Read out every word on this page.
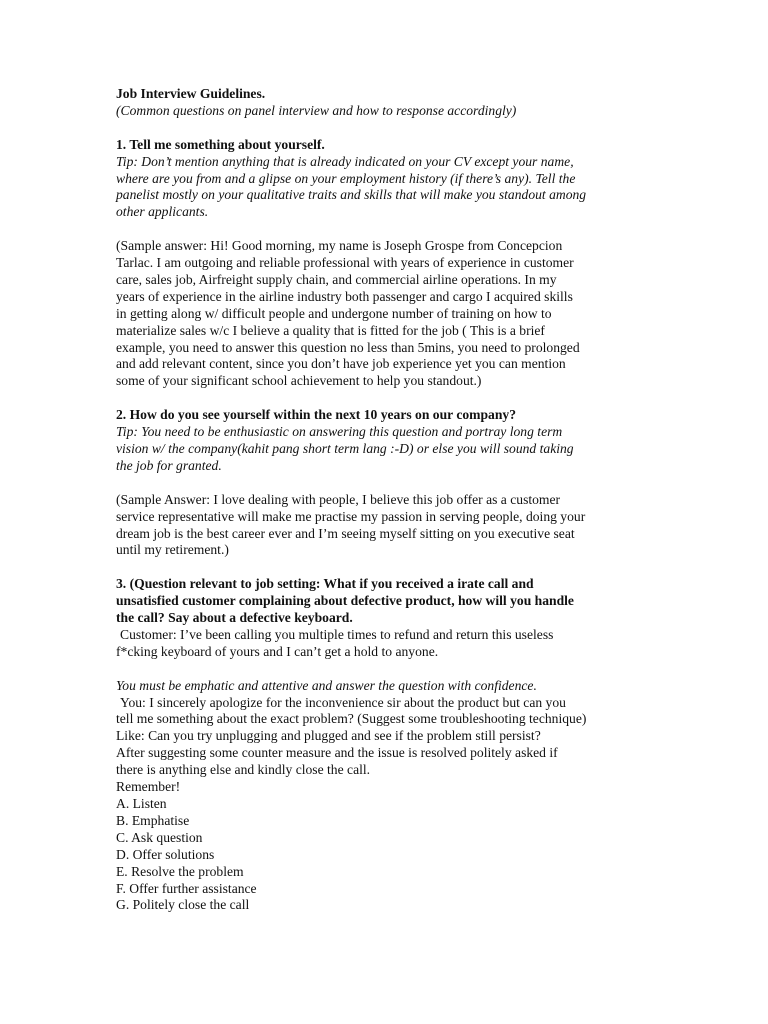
Job Interview Guidelines.
(Common questions on panel interview and how to response accordingly)
1. Tell me something about yourself.
Tip: Don’t mention anything that is already indicated on your CV except your name,
where are you from and a glipse on your employment history (if there’s any). Tell the
panelist mostly on your qualitative traits and skills that will make you standout among
other applicants.
(Sample answer: Hi! Good morning, my name is Joseph Grospe from Concepcion
Tarlac. I am outgoing and reliable professional with years of experience in customer
care, sales job, Airfreight supply chain, and commercial airline operations. In my
years of experience in the airline industry both passenger and cargo I acquired skills
in getting along w/ difficult people and undergone number of training on how to
materialize sales w/c I believe a quality that is fitted for the job ( This is a brief
example, you need to answer this question no less than 5mins, you need to prolonged
and add relevant content, since you don’t have job experience yet you can mention
some of your significant school achievement to help you standout.)
2. How do you see yourself within the next 10 years on our company?
Tip: You need to be enthusiastic on answering this question and portray long term
vision w/ the company(kahit pang short term lang :-D) or else you will sound taking
the job for granted.
(Sample Answer: I love dealing with people, I believe this job offer as a customer
service representative will make me practise my passion in serving people, doing your
dream job is the best career ever and I’m seeing myself sitting on you executive seat
until my retirement.)
3. (Question relevant to job setting: What if you received a irate call and
unsatisfied customer complaining about defective product, how will you handle
the call? Say about a defective keyboard.
Customer: I’ve been calling you multiple times to refund and return this useless
f*cking keyboard of yours and I can’t get a hold to anyone.
You must be emphatic and attentive and answer the question with confidence.
You: I sincerely apologize for the inconvenience sir about the product but can you
tell me something about the exact problem? (Suggest some troubleshooting technique)
Like: Can you try unplugging and plugged and see if the problem still persist?
After suggesting some counter measure and the issue is resolved politely asked if
there is anything else and kindly close the call.
Remember!
A. Listen
B. Emphatise
C. Ask question
D. Offer solutions
E. Resolve the problem
F. Offer further assistance
G. Politely close the call
